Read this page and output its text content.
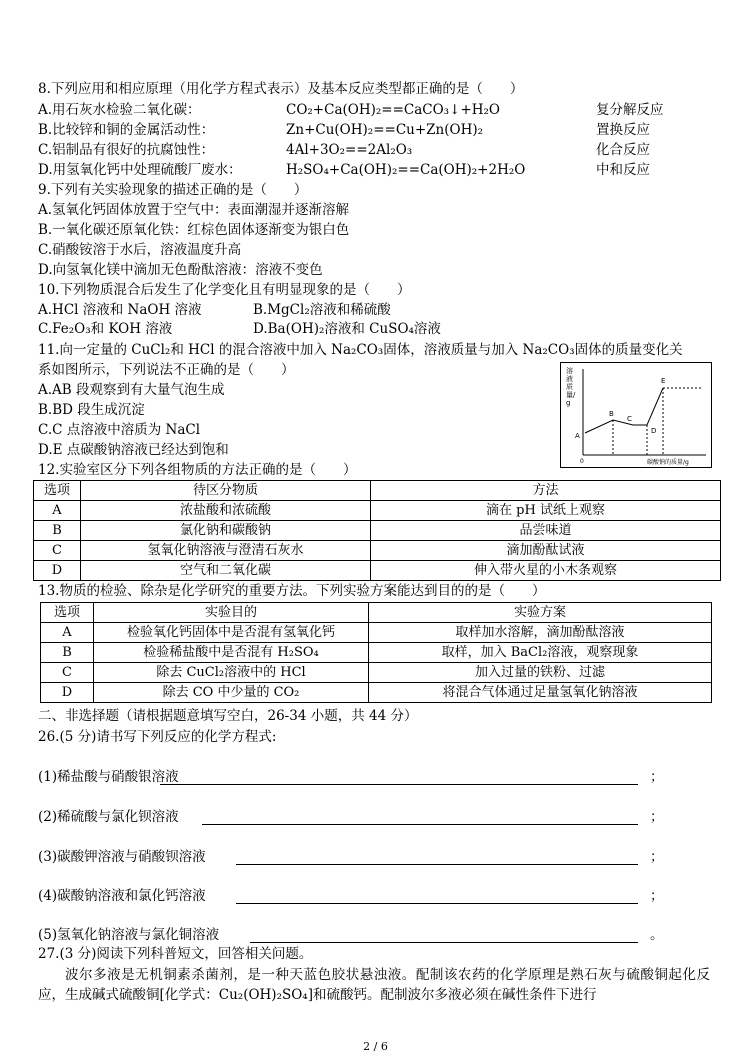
8.下列应用和相应原理（用化学方程式表示）及基本反应类型都正确的是（　　）
A.用石灰水检验二氧化碳：	CO₂+Ca(OH)₂==CaCO₃↓+H₂O	复分解反应
B.比较锌和铜的金属活动性：	Zn+Cu(OH)₂==Cu+Zn(OH)₂	置换反应
C.铝制品有很好的抗腐蚀性：	4Al+3O₂==2Al₂O₃	化合反应
D.用氢氧化钙中处理硫酸厂废水：	H₂SO₄+Ca(OH)₂==Ca(OH)₂+2H₂O	中和反应
9.下列有关实验现象的描述正确的是（　　）
A.氢氧化钙固体放置于空气中：表面潮湿并逐渐溶解
B.一氧化碳还原氧化铁：红棕色固体逐渐变为银白色
C.硝酸铵溶于水后，溶液温度升高
D.向氢氧化镁中滴加无色酚酞溶液：溶液不变色
10.下列物质混合后发生了化学变化且有明显现象的是（　　）
A.HCl 溶液和 NaOH 溶液	B.MgCl₂溶液和稀硫酸
C.Fe₂O₃和 KOH 溶液	D.Ba(OH)₂溶液和 CuSO₄溶液
11.向一定量的 CuCl₂和 HCl 的混合溶液中加入 Na₂CO₃固体，溶液质量与加入 Na₂CO₃固体的质量变化关
系如图所示，下列说法不正确的是（　　）
A.AB 段观察到有大量气泡生成
B.BD 段生成沉淀
C.C 点溶液中溶质为 NaCl
D.E 点碳酸钠溶液已经达到饱和
A
B
C
D
E
0	碳酸钠的质量/g
溶液质量/g
12.实验室区分下列各组物质的方法正确的是（　　）
选项	待区分物质	方法
A	浓盐酸和浓硫酸	滴在 pH 试纸上观察
B	氯化钠和碳酸钠	品尝味道
C	氢氧化钠溶液与澄清石灰水	滴加酚酞试液
D	空气和二氧化碳	伸入带火星的小木条观察
13.物质的检验、除杂是化学研究的重要方法。下列实验方案能达到目的的是（　　）
选项	实验目的	实验方案
A	检验氧化钙固体中是否混有氢氧化钙	取样加水溶解，滴加酚酞溶液
B	检验稀盐酸中是否混有 H₂SO₄	取样，加入 BaCl₂溶液，观察现象
C	除去 CuCl₂溶液中的 HCl	加入过量的铁粉、过滤
D	除去 CO 中少量的 CO₂	将混合气体通过足量氢氧化钠溶液
二、非选择题（请根据题意填写空白，26-34 小题，共 44 分）
26.(5 分)请书写下列反应的化学方程式:
(1)稀盐酸与硝酸银溶液	；
(2)稀硫酸与氯化钡溶液	；
(3)碳酸钾溶液与硝酸钡溶液	；
(4)碳酸钠溶液和氯化钙溶液	；
(5)氢氧化钠溶液与氯化铜溶液	。
27.(3 分)阅读下列科普短文，回答相关问题。
波尔多液是无机铜素杀菌剂，是一种天蓝色胶状悬浊液。配制该农药的化学原理是熟石灰与硫酸铜起化反应，生成碱式硫酸铜[化学式：Cu₂(OH)₂SO₄]和硫酸钙。配制波尔多液必须在碱性条件下进行
2 / 6
